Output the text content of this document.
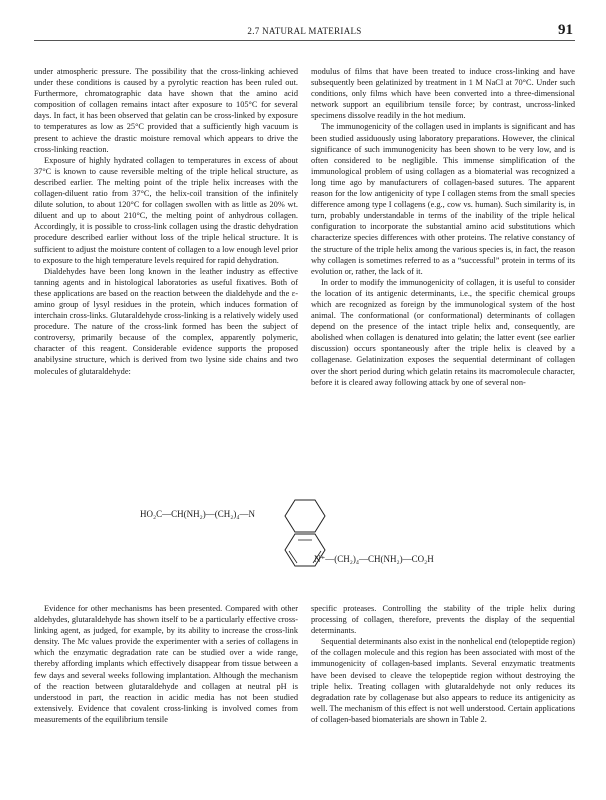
2.7 NATURAL MATERIALS	91

under atmospheric pressure. The possibility that the cross-linking achieved under these conditions is caused by a pyrolytic reaction has been ruled out. Furthermore, chromatographic data have shown that the amino acid composition of collagen remains intact after exposure to 105°C for several days. In fact, it has been observed that gelatin can be cross-linked by exposure to temperatures as low as 25°C provided that a sufficiently high vacuum is present to achieve the drastic moisture removal which appears to drive the cross-linking reaction.

Exposure of highly hydrated collagen to temperatures in excess of about 37°C is known to cause reversible melting of the triple helical structure, as described earlier. The melting point of the triple helix increases with the collagen-diluent ratio from 37°C, the helix-coil transition of the infinitely dilute solution, to about 120°C for collagen swollen with as little as 20% wt. diluent and up to about 210°C, the melting point of anhydrous collagen. Accordingly, it is possible to cross-link collagen using the drastic dehydration procedure described earlier without loss of the triple helical structure. It is sufficient to adjust the moisture content of collagen to a low enough level prior to exposure to the high temperature levels required for rapid dehydration.

Dialdehydes have been long known in the leather industry as effective tanning agents and in histological laboratories as useful fixatives. Both of these applications are based on the reaction between the dialdehyde and the ε-amino group of lysyl residues in the protein, which induces formation of interchain cross-links. Glutaraldehyde cross-linking is a relatively widely used procedure. The nature of the cross-link formed has been the subject of controversy, primarily because of the complex, apparently polymeric, character of this reagent. Considerable evidence supports the proposed anabilysine structure, which is derived from two lysine side chains and two molecules of glutaraldehyde:

modulus of films that have been treated to induce cross-linking and have subsequently been gelatinized by treatment in 1 M NaCl at 70°C. Under such conditions, only films which have been converted into a three-dimensional network support an equilibrium tensile force; by contrast, uncross-linked specimens dissolve readily in the hot medium.

The immunogenicity of the collagen used in implants is significant and has been studied assiduously using laboratory preparations. However, the clinical significance of such immunogenicity has been shown to be very low, and is often considered to be negligible. This immense simplification of the immunological problem of using collagen as a biomaterial was recognized a long time ago by manufacturers of collagen-based sutures. The apparent reason for the low antigenicity of type I collagen stems from the small species difference among type I collagens (e.g., cow vs. human). Such similarity is, in turn, probably understandable in terms of the inability of the triple helical configuration to incorporate the substantial amino acid substitutions which characterize species differences with other proteins. The relative constancy of the structure of the triple helix among the various species is, in fact, the reason why collagen is sometimes referred to as a “successful” protein in terms of its evolution or, rather, the lack of it.

In order to modify the immunogenicity of collagen, it is useful to consider the location of its antigenic determinants, i.e., the specific chemical groups which are recognized as foreign by the immunological system of the host animal. The conformational (or conformational) determinants of collagen depend on the presence of the intact triple helix and, consequently, are abolished when collagen is denatured into gelatin; the latter event (see earlier discussion) occurs spontaneously after the triple helix is cleaved by a collagenase. Gelatinization exposes the sequential determinant of collagen over the short period during which gelatin retains its macromolecule character, before it is cleared away following attack by one of several non-

HO₂C—CH(NH₂)—(CH₂)₄—N
N⁺—(CH₂)₄—CH(NH₂)—CO₂H

Evidence for other mechanisms has been presented. Compared with other aldehydes, glutaraldehyde has shown itself to be a particularly effective cross-linking agent, as judged, for example, by its ability to increase the cross-link density. The Mc values provide the experimenter with a series of collagens in which the enzymatic degradation rate can be studied over a wide range, thereby affording implants which effectively disappear from tissue between a few days and several weeks following implantation. Although the mechanism of the reaction between glutaraldehyde and collagen at neutral pH is understood in part, the reaction in acidic media has not been studied extensively. Evidence that covalent cross-linking is involved comes from measurements of the equilibrium tensile

specific proteases. Controlling the stability of the triple helix during processing of collagen, therefore, prevents the display of the sequential determinants.

Sequential determinants also exist in the nonhelical end (telopeptide region) of the collagen molecule and this region has been associated with most of the immunogenicity of collagen-based implants. Several enzymatic treatments have been devised to cleave the telopeptide region without destroying the triple helix. Treating collagen with glutaraldehyde not only reduces its degradation rate by collagenase but also appears to reduce its antigenicity as well. The mechanism of this effect is not well understood. Certain applications of collagen-based biomaterials are shown in Table 2.
